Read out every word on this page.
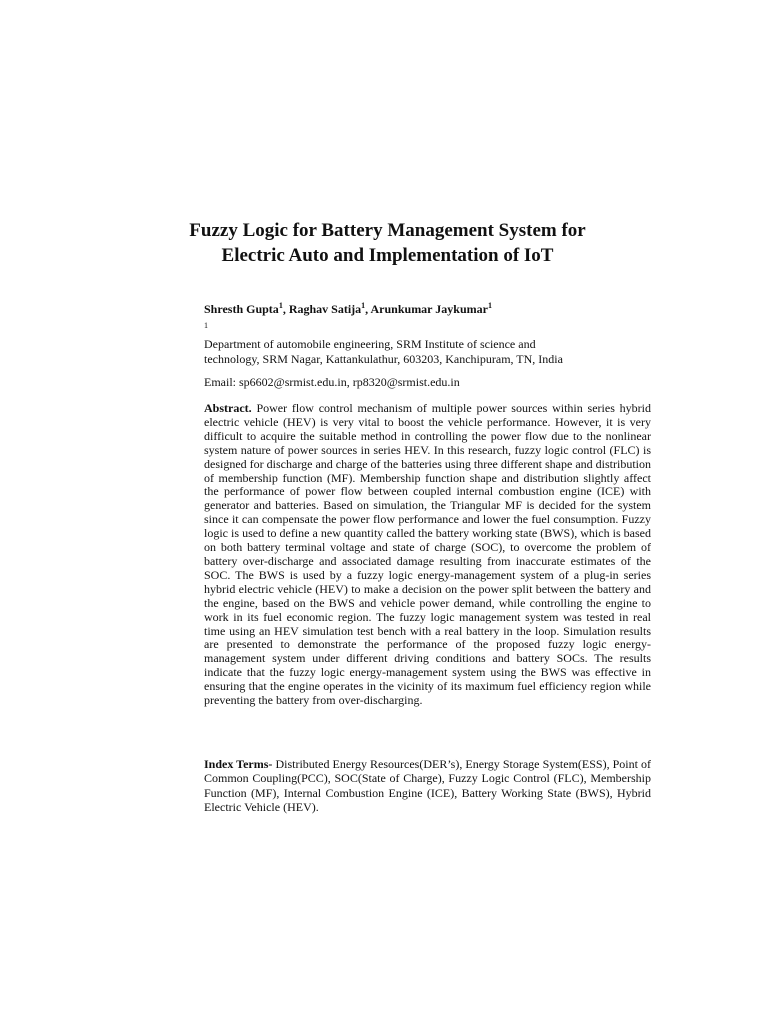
Fuzzy Logic for Battery Management System for
Electric Auto and Implementation of IoT
Shresth Gupta$^1$, Raghav Satija$^1$, Arunkumar Jaykumar$^1$
$^1$
Department of automobile engineering, SRM Institute of science and
technology, SRM Nagar, Kattankulathur, 603203, Kanchipuram, TN, India
Email: sp6602@srmist.edu.in, rp8320@srmist.edu.in
Abstract. Power flow control mechanism of multiple power sources within series hybrid electric vehicle (HEV) is very vital to boost the vehicle performance. However, it is very difficult to acquire the suitable method in controlling the power flow due to the nonlinear system nature of power sources in series HEV. In this research, fuzzy logic control (FLC) is designed for discharge and charge of the batteries using three different shape and distribution of membership function (MF). Membership function shape and distribution slightly affect the performance of power flow between coupled internal combustion engine (ICE) with generator and batteries. Based on simulation, the Triangular MF is decided for the system since it can compensate the power flow performance and lower the fuel consumption. Fuzzy logic is used to define a new quantity called the battery working state (BWS), which is based on both battery terminal voltage and state of charge (SOC), to overcome the problem of battery over-discharge and associated damage resulting from inaccurate estimates of the SOC. The BWS is used by a fuzzy logic energy-management system of a plug-in series hybrid electric vehicle (HEV) to make a decision on the power split between the battery and the engine, based on the BWS and vehicle power demand, while controlling the engine to work in its fuel economic region. The fuzzy logic management system was tested in real time using an HEV simulation test bench with a real battery in the loop. Simulation results are presented to demonstrate the performance of the proposed fuzzy logic energy-management system under different driving conditions and battery SOCs. The results indicate that the fuzzy logic energy-management system using the BWS was effective in ensuring that the engine operates in the vicinity of its maximum fuel efficiency region while preventing the battery from over-discharging.
Index Terms- Distributed Energy Resources(DER’s), Energy Storage System(ESS), Point of Common Coupling(PCC), SOC(State of Charge), Fuzzy Logic Control (FLC), Membership Function (MF), Internal Combustion Engine (ICE), Battery Working State (BWS), Hybrid Electric Vehicle (HEV).
